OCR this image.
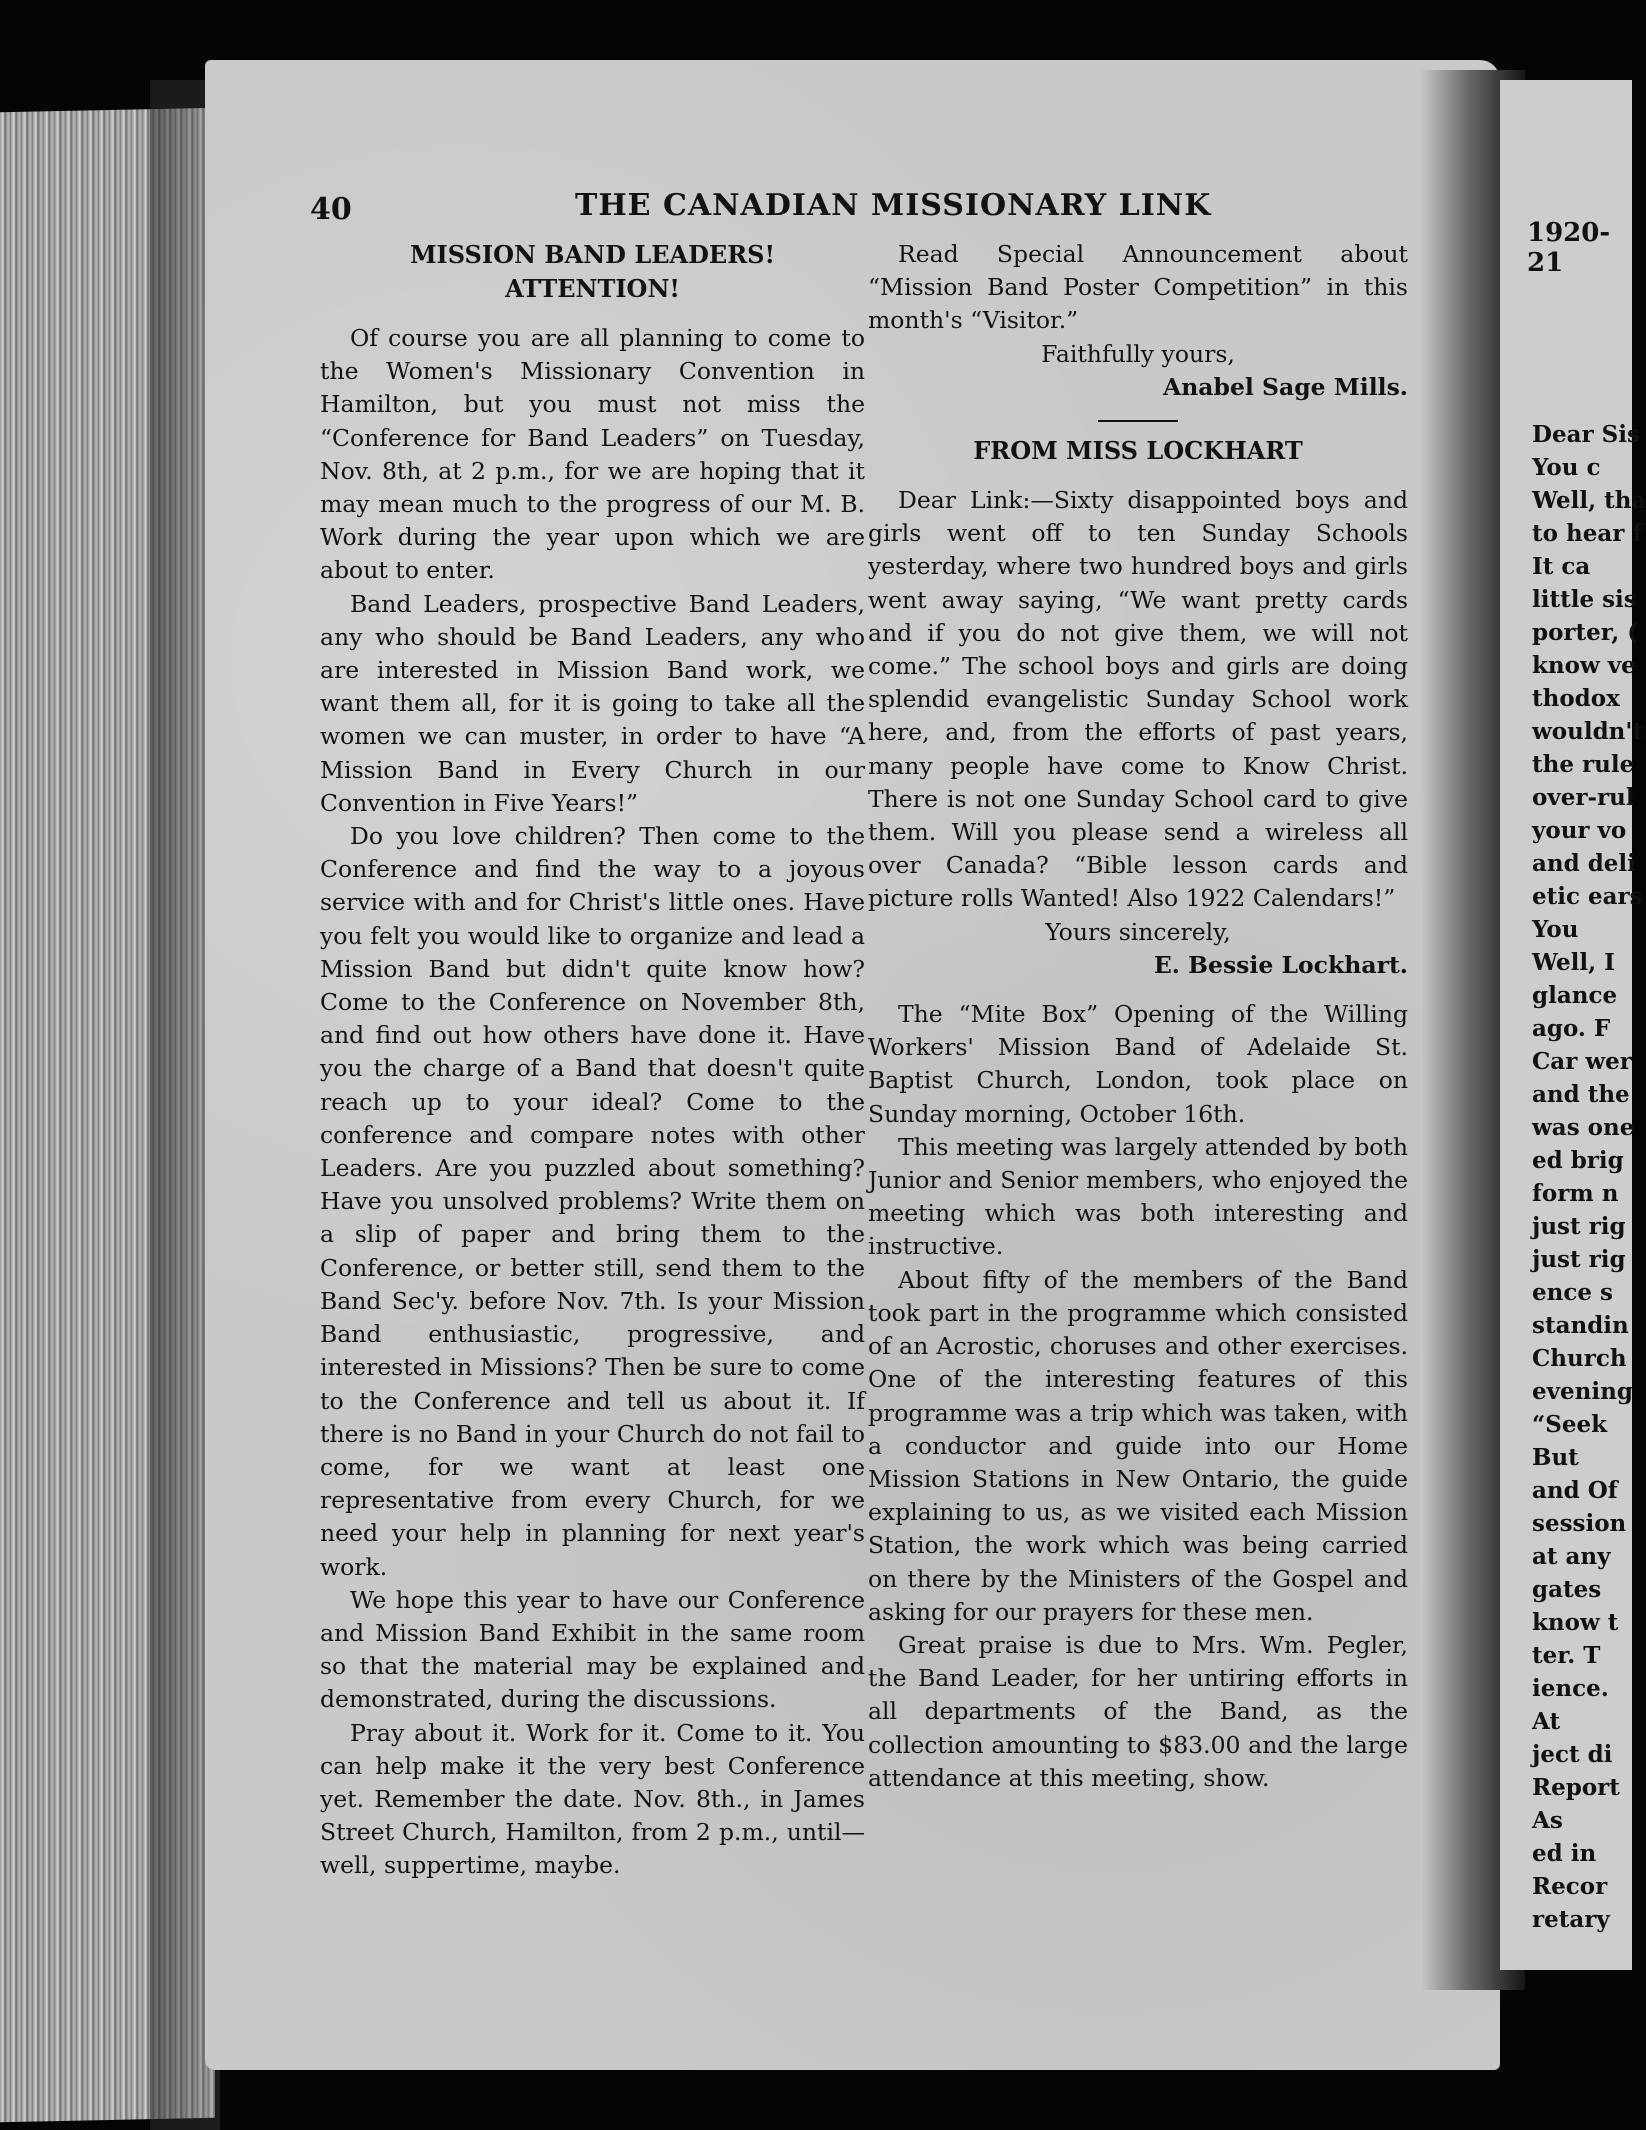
40	THE CANADIAN MISSIONARY LINK
1920-21
MISSION BAND LEADERS!
ATTENTION!

Of course you are all planning to come to the Women's Missionary Convention in Hamilton, but you must not miss the “Conference for Band Leaders” on Tuesday, Nov. 8th, at 2 p.m., for we are hoping that it may mean much to the progress of our M. B. Work during the year upon which we are about to enter.

Band Leaders, prospective Band Leaders, any who should be Band Leaders, any who are interested in Mission Band work, we want them all, for it is going to take all the women we can muster, in order to have “A Mission Band in Every Church in our Convention in Five Years!”

Do you love children? Then come to the Conference and find the way to a joyous service with and for Christ's little ones. Have you felt you would like to organize and lead a Mission Band but didn't quite know how? Come to the Conference on November 8th, and find out how others have done it. Have you the charge of a Band that doesn't quite reach up to your ideal? Come to the conference and compare notes with other Leaders. Are you puzzled about something? Have you unsolved problems? Write them on a slip of paper and bring them to the Conference, or better still, send them to the Band Sec'y. before Nov. 7th. Is your Mission Band enthusiastic, progressive, and interested in Missions? Then be sure to come to the Conference and tell us about it. If there is no Band in your Church do not fail to come, for we want at least one representative from every Church, for we need your help in planning for next year's work.

We hope this year to have our Conference and Mission Band Exhibit in the same room so that the material may be explained and demonstrated, during the discussions.

Pray about it. Work for it. Come to it. You can help make it the very best Conference yet. Remember the date. Nov. 8th., in James Street Church, Hamilton, from 2 p.m., until—well, suppertime, maybe.

Read Special Announcement about “Mission Band Poster Competition” in this month's “Visitor.”

Faithfully yours,

Anabel Sage Mills.

FROM MISS LOCKHART

Dear Link:—Sixty disappointed boys and girls went off to ten Sunday Schools yesterday, where two hundred boys and girls went away saying, “We want pretty cards and if you do not give them, we will not come.” The school boys and girls are doing splendid evangelistic Sunday School work here, and, from the efforts of past years, many people have come to Know Christ. There is not one Sunday School card to give them. Will you please send a wireless all over Canada? “Bible lesson cards and picture rolls Wanted! Also 1922 Calendars!”

Yours sincerely,

E. Bessie Lockhart.

The “Mite Box” Opening of the Willing Workers' Mission Band of Adelaide St. Baptist Church, London, took place on Sunday morning, October 16th.

This meeting was largely attended by both Junior and Senior members, who enjoyed the meeting which was both interesting and instructive.

About fifty of the members of the Band took part in the programme which consisted of an Acrostic, choruses and other exercises. One of the interesting features of this programme was a trip which was taken, with a conductor and guide into our Home Mission Stations in New Ontario, the guide explaining to us, as we visited each Mission Station, the work which was being carried on there by the Ministers of the Gospel and asking for our prayers for these men.

Great praise is due to Mrs. Wm. Pegler, the Band Leader, for her untiring efforts in all departments of the Band, as the collection amounting to $83.00 and the large attendance at this meeting, show.

Dear Sis
You c
Well, tha
to hear f
It ca
little sis
porter, (
know ve
thodox
wouldn't
the rule
over-rul
your vo
and deli
etic ears
You
Well, I
glance
ago. F
Car wer
and the
was one
ed brig
form n
just rig
just rig
ence s
standin
Church
evening
“Seek
But
and Of
session
at any
gates
know t
ter. T
ience.
At
ject di
Report
As
ed in
Recor
retary
